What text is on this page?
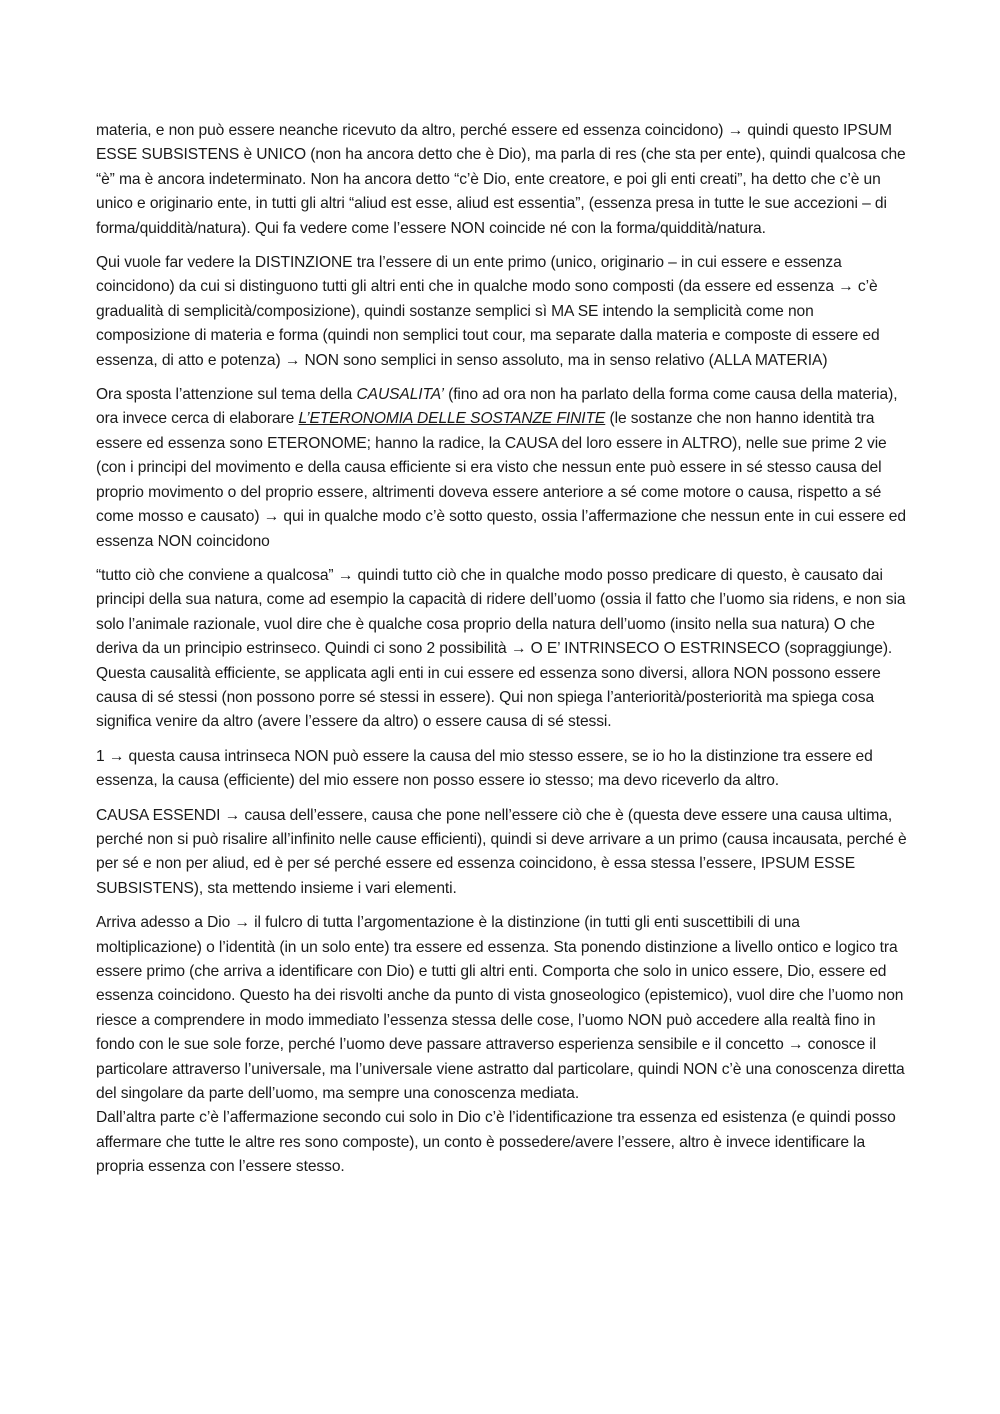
materia, e non può essere neanche ricevuto da altro, perché essere ed essenza coincidono) → quindi questo IPSUM ESSE SUBSISTENS è UNICO (non ha ancora detto che è Dio), ma parla di res (che sta per ente), quindi qualcosa che “è” ma è ancora indeterminato. Non ha ancora detto “c’è Dio, ente creatore, e poi gli enti creati”, ha detto che c’è un unico e originario ente, in tutti gli altri “aliud est esse, aliud est essentia”, (essenza presa in tutte le sue accezioni – di forma/quiddità/natura). Qui fa vedere come l’essere NON coincide né con la forma/quiddità/natura.

Qui vuole far vedere la DISTINZIONE tra l’essere di un ente primo (unico, originario – in cui essere e essenza coincidono) da cui si distinguono tutti gli altri enti che in qualche modo sono composti (da essere ed essenza → c’è gradualità di semplicità/composizione), quindi sostanze semplici sì MA SE intendo la semplicità come non composizione di materia e forma (quindi non semplici tout cour, ma separate dalla materia e composte di essere ed essenza, di atto e potenza) → NON sono semplici in senso assoluto, ma in senso relativo (ALLA MATERIA)

Ora sposta l’attenzione sul tema della CAUSALITA’ (fino ad ora non ha parlato della forma come causa della materia), ora invece cerca di elaborare L’ETERONOMIA DELLE SOSTANZE FINITE (le sostanze che non hanno identità tra essere ed essenza sono ETERONOME; hanno la radice, la CAUSA del loro essere in ALTRO), nelle sue prime 2 vie (con i principi del movimento e della causa efficiente si era visto che nessun ente può essere in sé stesso causa del proprio movimento o del proprio essere, altrimenti doveva essere anteriore a sé come motore o causa, rispetto a sé come mosso e causato) → qui in qualche modo c’è sotto questo, ossia l’affermazione che nessun ente in cui essere ed essenza NON coincidono

“tutto ciò che conviene a qualcosa” → quindi tutto ciò che in qualche modo posso predicare di questo, è causato dai principi della sua natura, come ad esempio la capacità di ridere dell’uomo (ossia il fatto che l’uomo sia ridens, e non sia solo l’animale razionale, vuol dire che è qualche cosa proprio della natura dell’uomo (insito nella sua natura) O che deriva da un principio estrinseco. Quindi ci sono 2 possibilità → O E’ INTRINSECO O ESTRINSECO (sopraggiunge).

Questa causalità efficiente, se applicata agli enti in cui essere ed essenza sono diversi, allora NON possono essere causa di sé stessi (non possono porre sé stessi in essere). Qui non spiega l’anteriorità/posteriorità ma spiega cosa significa venire da altro (avere l’essere da altro) o essere causa di sé stessi.

1 → questa causa intrinseca NON può essere la causa del mio stesso essere, se io ho la distinzione tra essere ed essenza, la causa (efficiente) del mio essere non posso essere io stesso; ma devo riceverlo da altro.

CAUSA ESSENDI → causa dell’essere, causa che pone nell’essere ciò che è (questa deve essere una causa ultima, perché non si può risalire all’infinito nelle cause efficienti), quindi si deve arrivare a un primo (causa incausata, perché è per sé e non per aliud, ed è per sé perché essere ed essenza coincidono, è essa stessa l’essere, IPSUM ESSE SUBSISTENS), sta mettendo insieme i vari elementi.

Arriva adesso a Dio → il fulcro di tutta l’argomentazione è la distinzione (in tutti gli enti suscettibili di una moltiplicazione) o l’identità (in un solo ente) tra essere ed essenza. Sta ponendo distinzione a livello ontico e logico tra essere primo (che arriva a identificare con Dio) e tutti gli altri enti. Comporta che solo in unico essere, Dio, essere ed essenza coincidono. Questo ha dei risvolti anche da punto di vista gnoseologico (epistemico), vuol dire che l’uomo non riesce a comprendere in modo immediato l’essenza stessa delle cose, l’uomo NON può accedere alla realtà fino in fondo con le sue sole forze, perché l’uomo deve passare attraverso esperienza sensibile e il concetto → conosce il particolare attraverso l’universale, ma l’universale viene astratto dal particolare, quindi NON c’è una conoscenza diretta del singolare da parte dell’uomo, ma sempre una conoscenza mediata.

Dall’altra parte c’è l’affermazione secondo cui solo in Dio c’è l’identificazione tra essenza ed esistenza (e quindi posso affermare che tutte le altre res sono composte), un conto è possedere/avere l’essere, altro è invece identificare la propria essenza con l’essere stesso.
